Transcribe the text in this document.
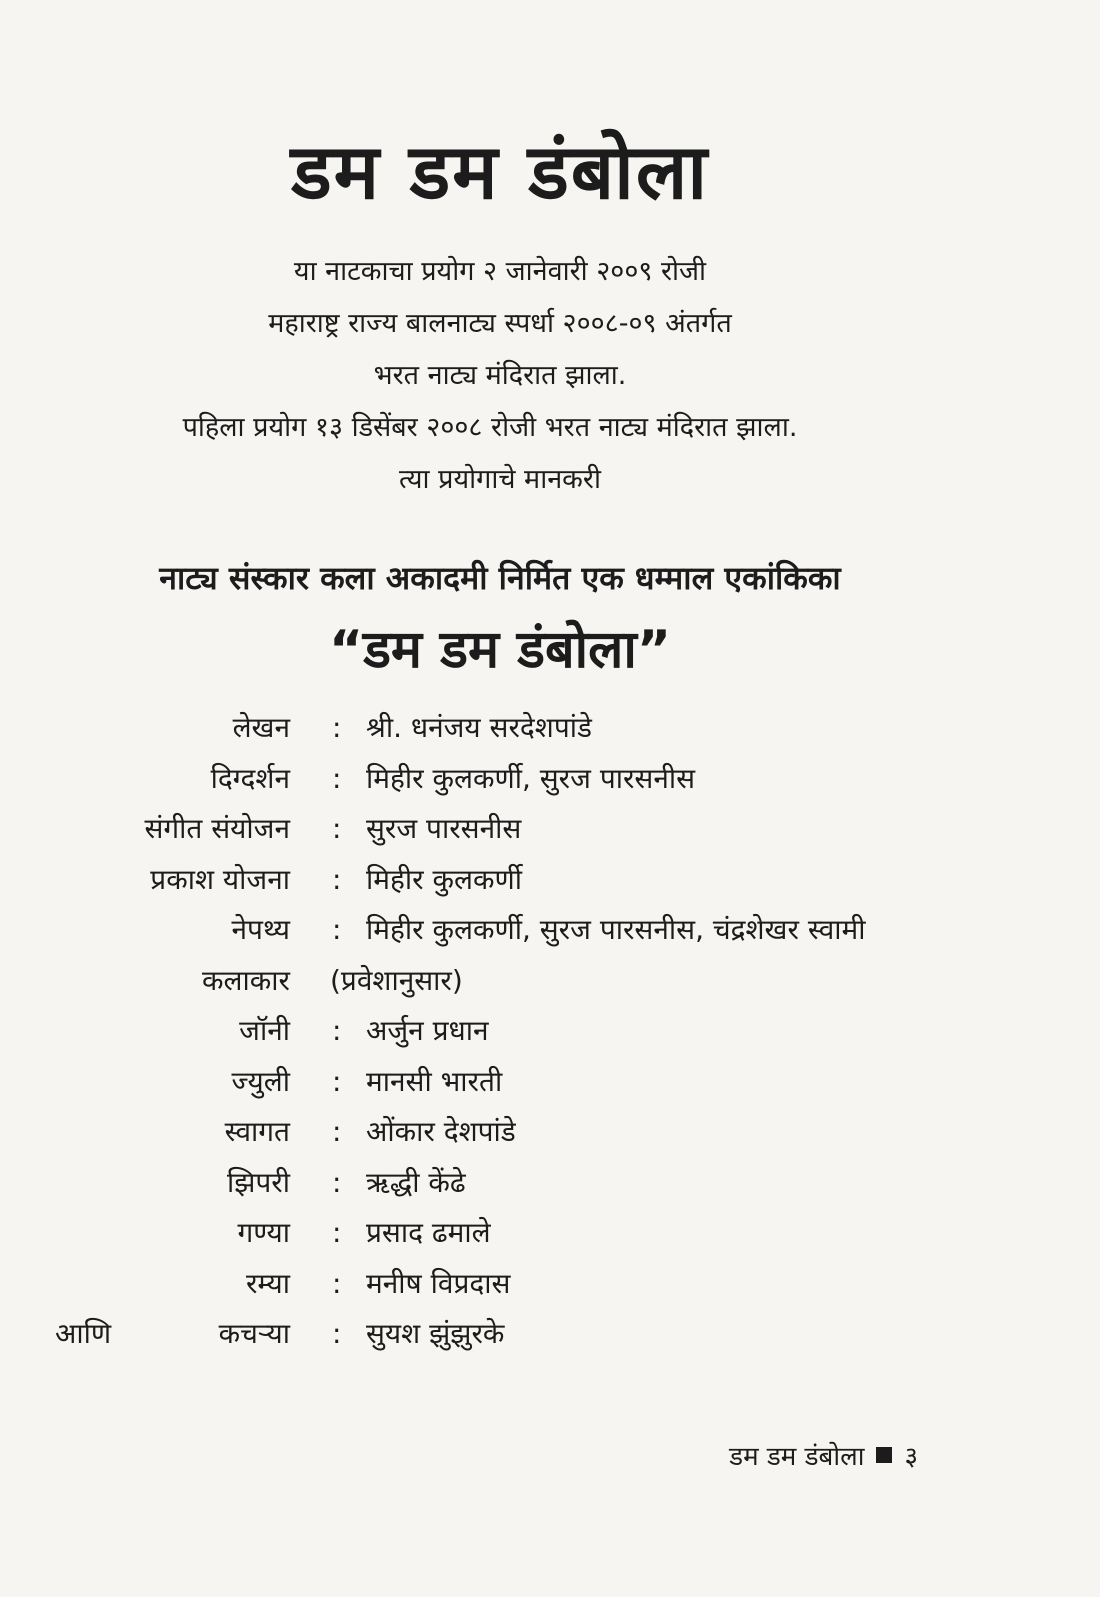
डम डम डंबोला
या नाटकाचा प्रयोग २ जानेवारी २००९ रोजी
महाराष्ट्र राज्य बालनाट्य स्पर्धा २००८-०९ अंतर्गत
भरत नाट्य मंदिरात झाला.
पहिला प्रयोग १३ डिसेंबर २००८ रोजी भरत नाट्य मंदिरात झाला.
त्या प्रयोगाचे मानकरी
नाट्य संस्कार कला अकादमी निर्मित एक धम्माल एकांकिका
“डम डम डंबोला”
लेखन : श्री. धनंजय सरदेशपांडे
दिग्दर्शन : मिहीर कुलकर्णी, सुरज पारसनीस
संगीत संयोजन : सुरज पारसनीस
प्रकाश योजना : मिहीर कुलकर्णी
नेपथ्य : मिहीर कुलकर्णी, सुरज पारसनीस, चंद्रशेखर स्वामी
कलाकार (प्रवेशानुसार)
जॉनी : अर्जुन प्रधान
ज्युली : मानसी भारती
स्वागत : ओंकार देशपांडे
झिपरी : ऋद्धी केंढे
गण्या : प्रसाद ढमाले
रम्या : मनीष विप्रदास
आणि	कचऱ्या : सुयश झुंझुरके
डम डम डंबोला ३
